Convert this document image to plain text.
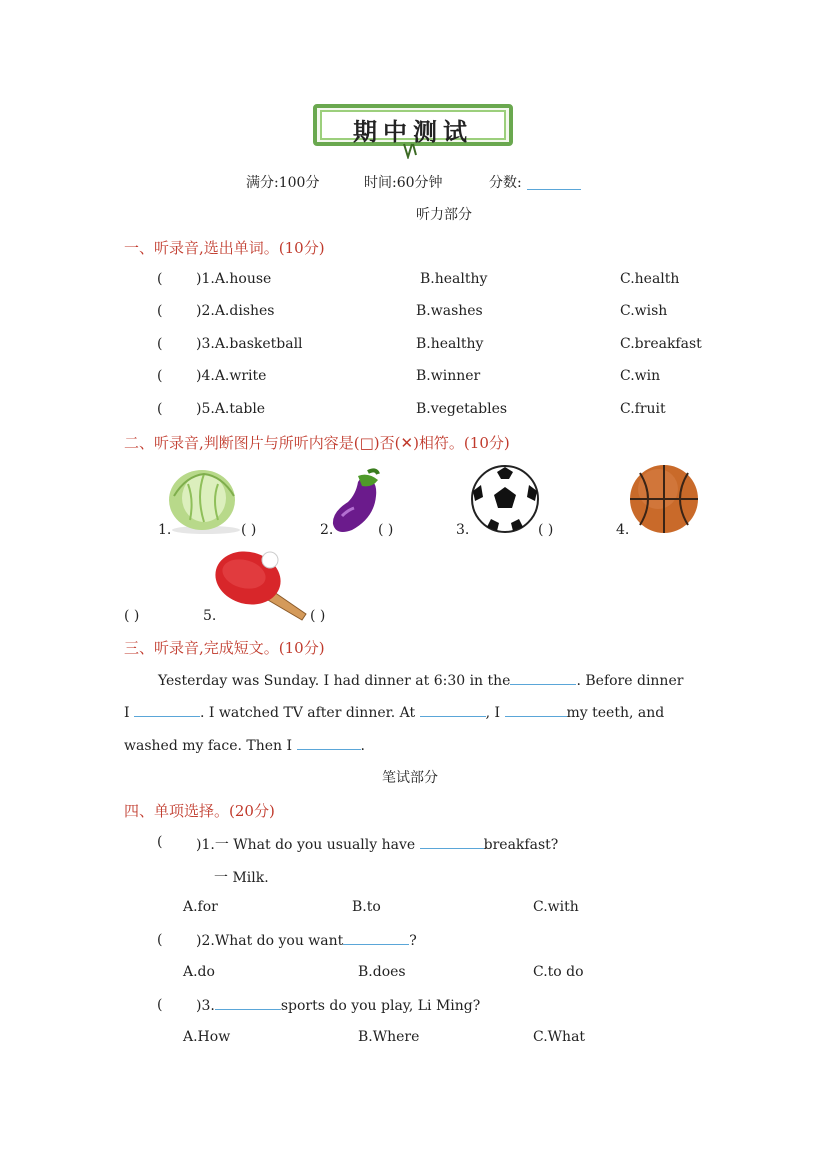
期中测试
满分:100分	时间:60分钟	分数:
听力部分
一、听录音,选出单词。(10分)
( )1.A.house	B.healthy	C.health
( )2.A.dishes	B.washes	C.wish
( )3.A.basketball	B.healthy	C.breakfast
( )4.A.write	B.winner	C.win
( )5.A.table	B.vegetables	C.fruit
二、听录音,判断图片与所听内容是(□)否(✕)相符。(10分)
1.	( )	2.	( )	3.	( )	4.
( )	5.	( )
三、听录音,完成短文。(10分)
Yesterday was Sunday. I had dinner at 6:30 in the	. Before dinner
I	. I watched TV after dinner. At	, I	my teeth, and
washed my face. Then I	.
笔试部分
四、单项选择。(20分)
( )1.一 What do you usually have	breakfast?
一 Milk.
A.for	B.to	C.with
( )2.What do you want	?
A.do	B.does	C.to do
( )3.	sports do you play, Li Ming?
A.How	B.Where	C.What
